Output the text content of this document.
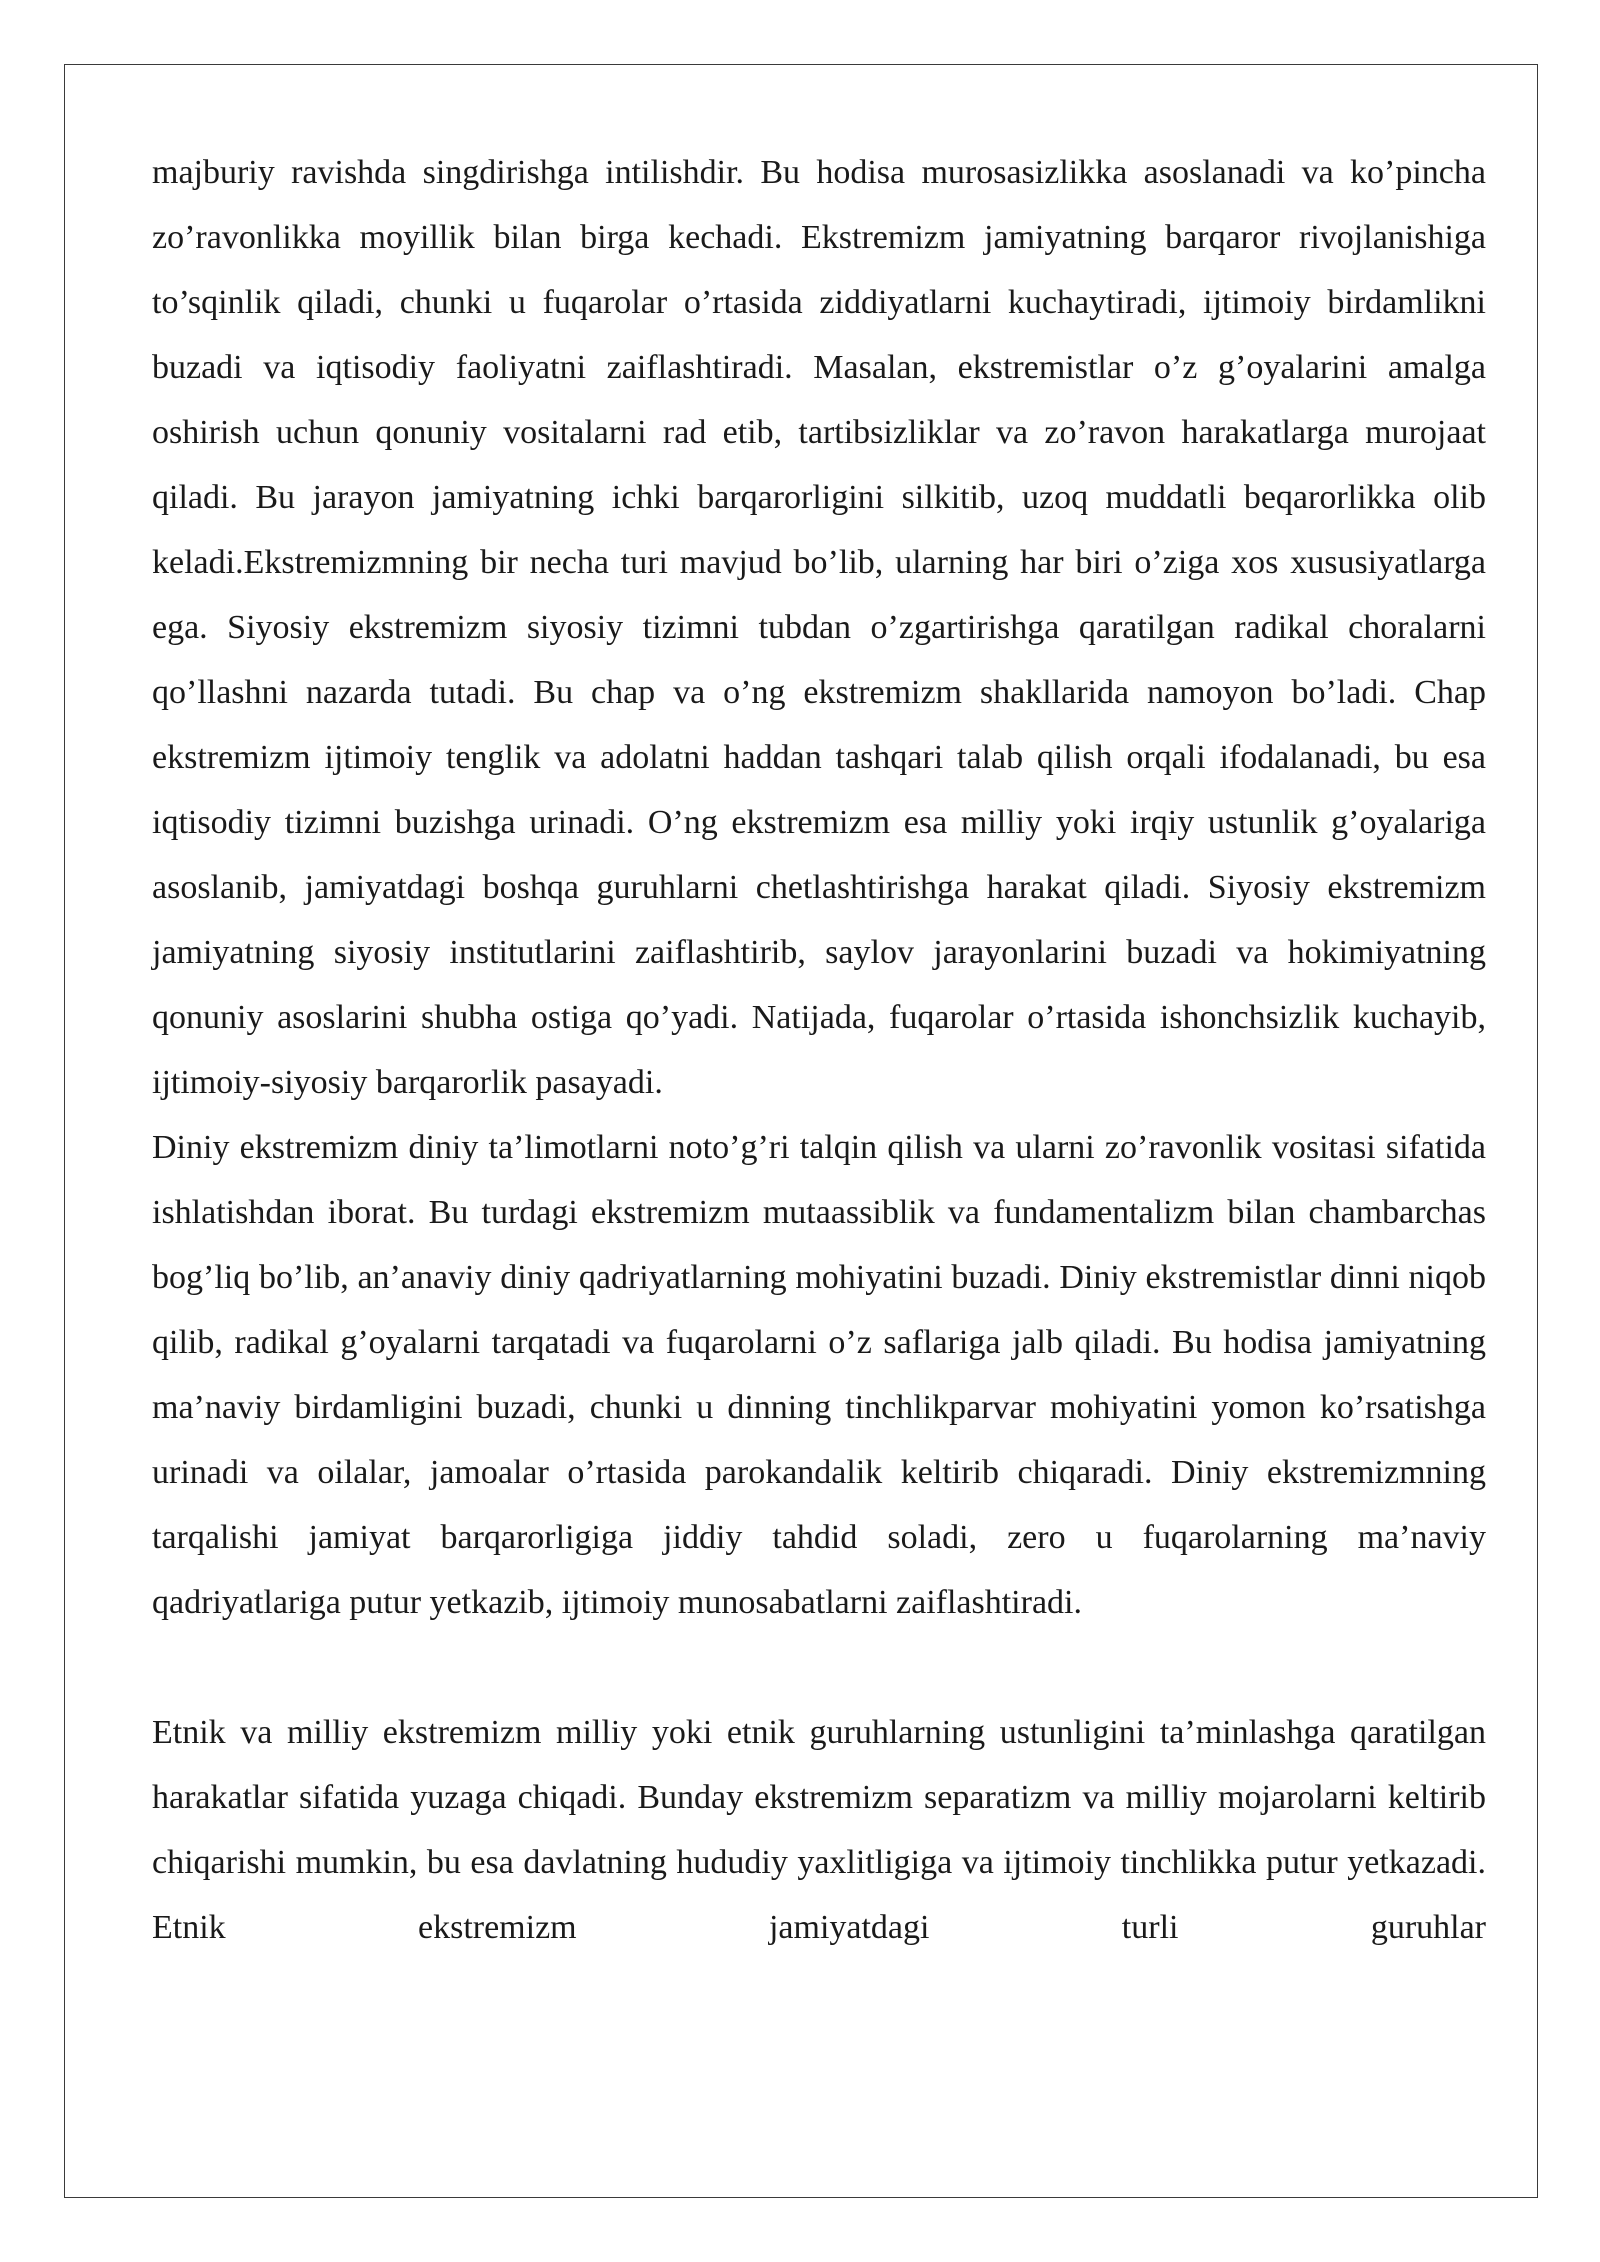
majburiy ravishda singdirishga intilishdir. Bu hodisa murosasizlikka asoslanadi va ko’pincha zo’ravonlikka moyillik bilan birga kechadi. Ekstremizm jamiyatning barqaror rivojlanishiga to’sqinlik qiladi, chunki u fuqarolar o’rtasida ziddiyatlarni kuchaytiradi, ijtimoiy birdamlikni buzadi va iqtisodiy faoliyatni zaiflashtiradi. Masalan, ekstremistlar o’z g’oyalarini amalga oshirish uchun qonuniy vositalarni rad etib, tartibsizliklar va zo’ravon harakatlarga murojaat qiladi. Bu jarayon jamiyatning ichki barqarorligini silkitib, uzoq muddatli beqarorlikka olib keladi.Ekstremizmning bir necha turi mavjud bo’lib, ularning har biri o’ziga xos xususiyatlarga ega. Siyosiy ekstremizm siyosiy tizimni tubdan o’zgartirishga qaratilgan radikal choralarni qo’llashni nazarda tutadi. Bu chap va o’ng ekstremizm shakllarida namoyon bo’ladi. Chap ekstremizm ijtimoiy tenglik va adolatni haddan tashqari talab qilish orqali ifodalanadi, bu esa iqtisodiy tizimni buzishga urinadi. O’ng ekstremizm esa milliy yoki irqiy ustunlik g’oyalariga asoslanib, jamiyatdagi boshqa guruhlarni chetlashtirishga harakat qiladi. Siyosiy ekstremizm jamiyatning siyosiy institutlarini zaiflashtirib, saylov jarayonlarini buzadi va hokimiyatning qonuniy asoslarini shubha ostiga qo’yadi. Natijada, fuqarolar o’rtasida ishonchsizlik kuchayib, ijtimoiy-siyosiy barqarorlik pasayadi.

Diniy ekstremizm diniy ta’limotlarni noto’g’ri talqin qilish va ularni zo’ravonlik vositasi sifatida ishlatishdan iborat. Bu turdagi ekstremizm mutaassiblik va fundamentalizm bilan chambarchas bog’liq bo’lib, an’anaviy diniy qadriyatlarning mohiyatini buzadi. Diniy ekstremistlar dinni niqob qilib, radikal g’oyalarni tarqatadi va fuqarolarni o’z saflariga jalb qiladi. Bu hodisa jamiyatning ma’naviy birdamligini buzadi, chunki u dinning tinchlikparvar mohiyatini yomon ko’rsatishga urinadi va oilalar, jamoalar o’rtasida parokandalik keltirib chiqaradi. Diniy ekstremizmning tarqalishi jamiyat barqarorligiga jiddiy tahdid soladi, zero u fuqarolarning ma’naviy qadriyatlariga putur yetkazib, ijtimoiy munosabatlarni zaiflashtiradi.

Etnik va milliy ekstremizm milliy yoki etnik guruhlarning ustunligini ta’minlashga qaratilgan harakatlar sifatida yuzaga chiqadi. Bunday ekstremizm separatizm va milliy mojarolarni keltirib chiqarishi mumkin, bu esa davlatning hududiy yaxlitligiga va ijtimoiy tinchlikka putur yetkazadi. Etnik ekstremizm jamiyatdagi turli guruhlar
